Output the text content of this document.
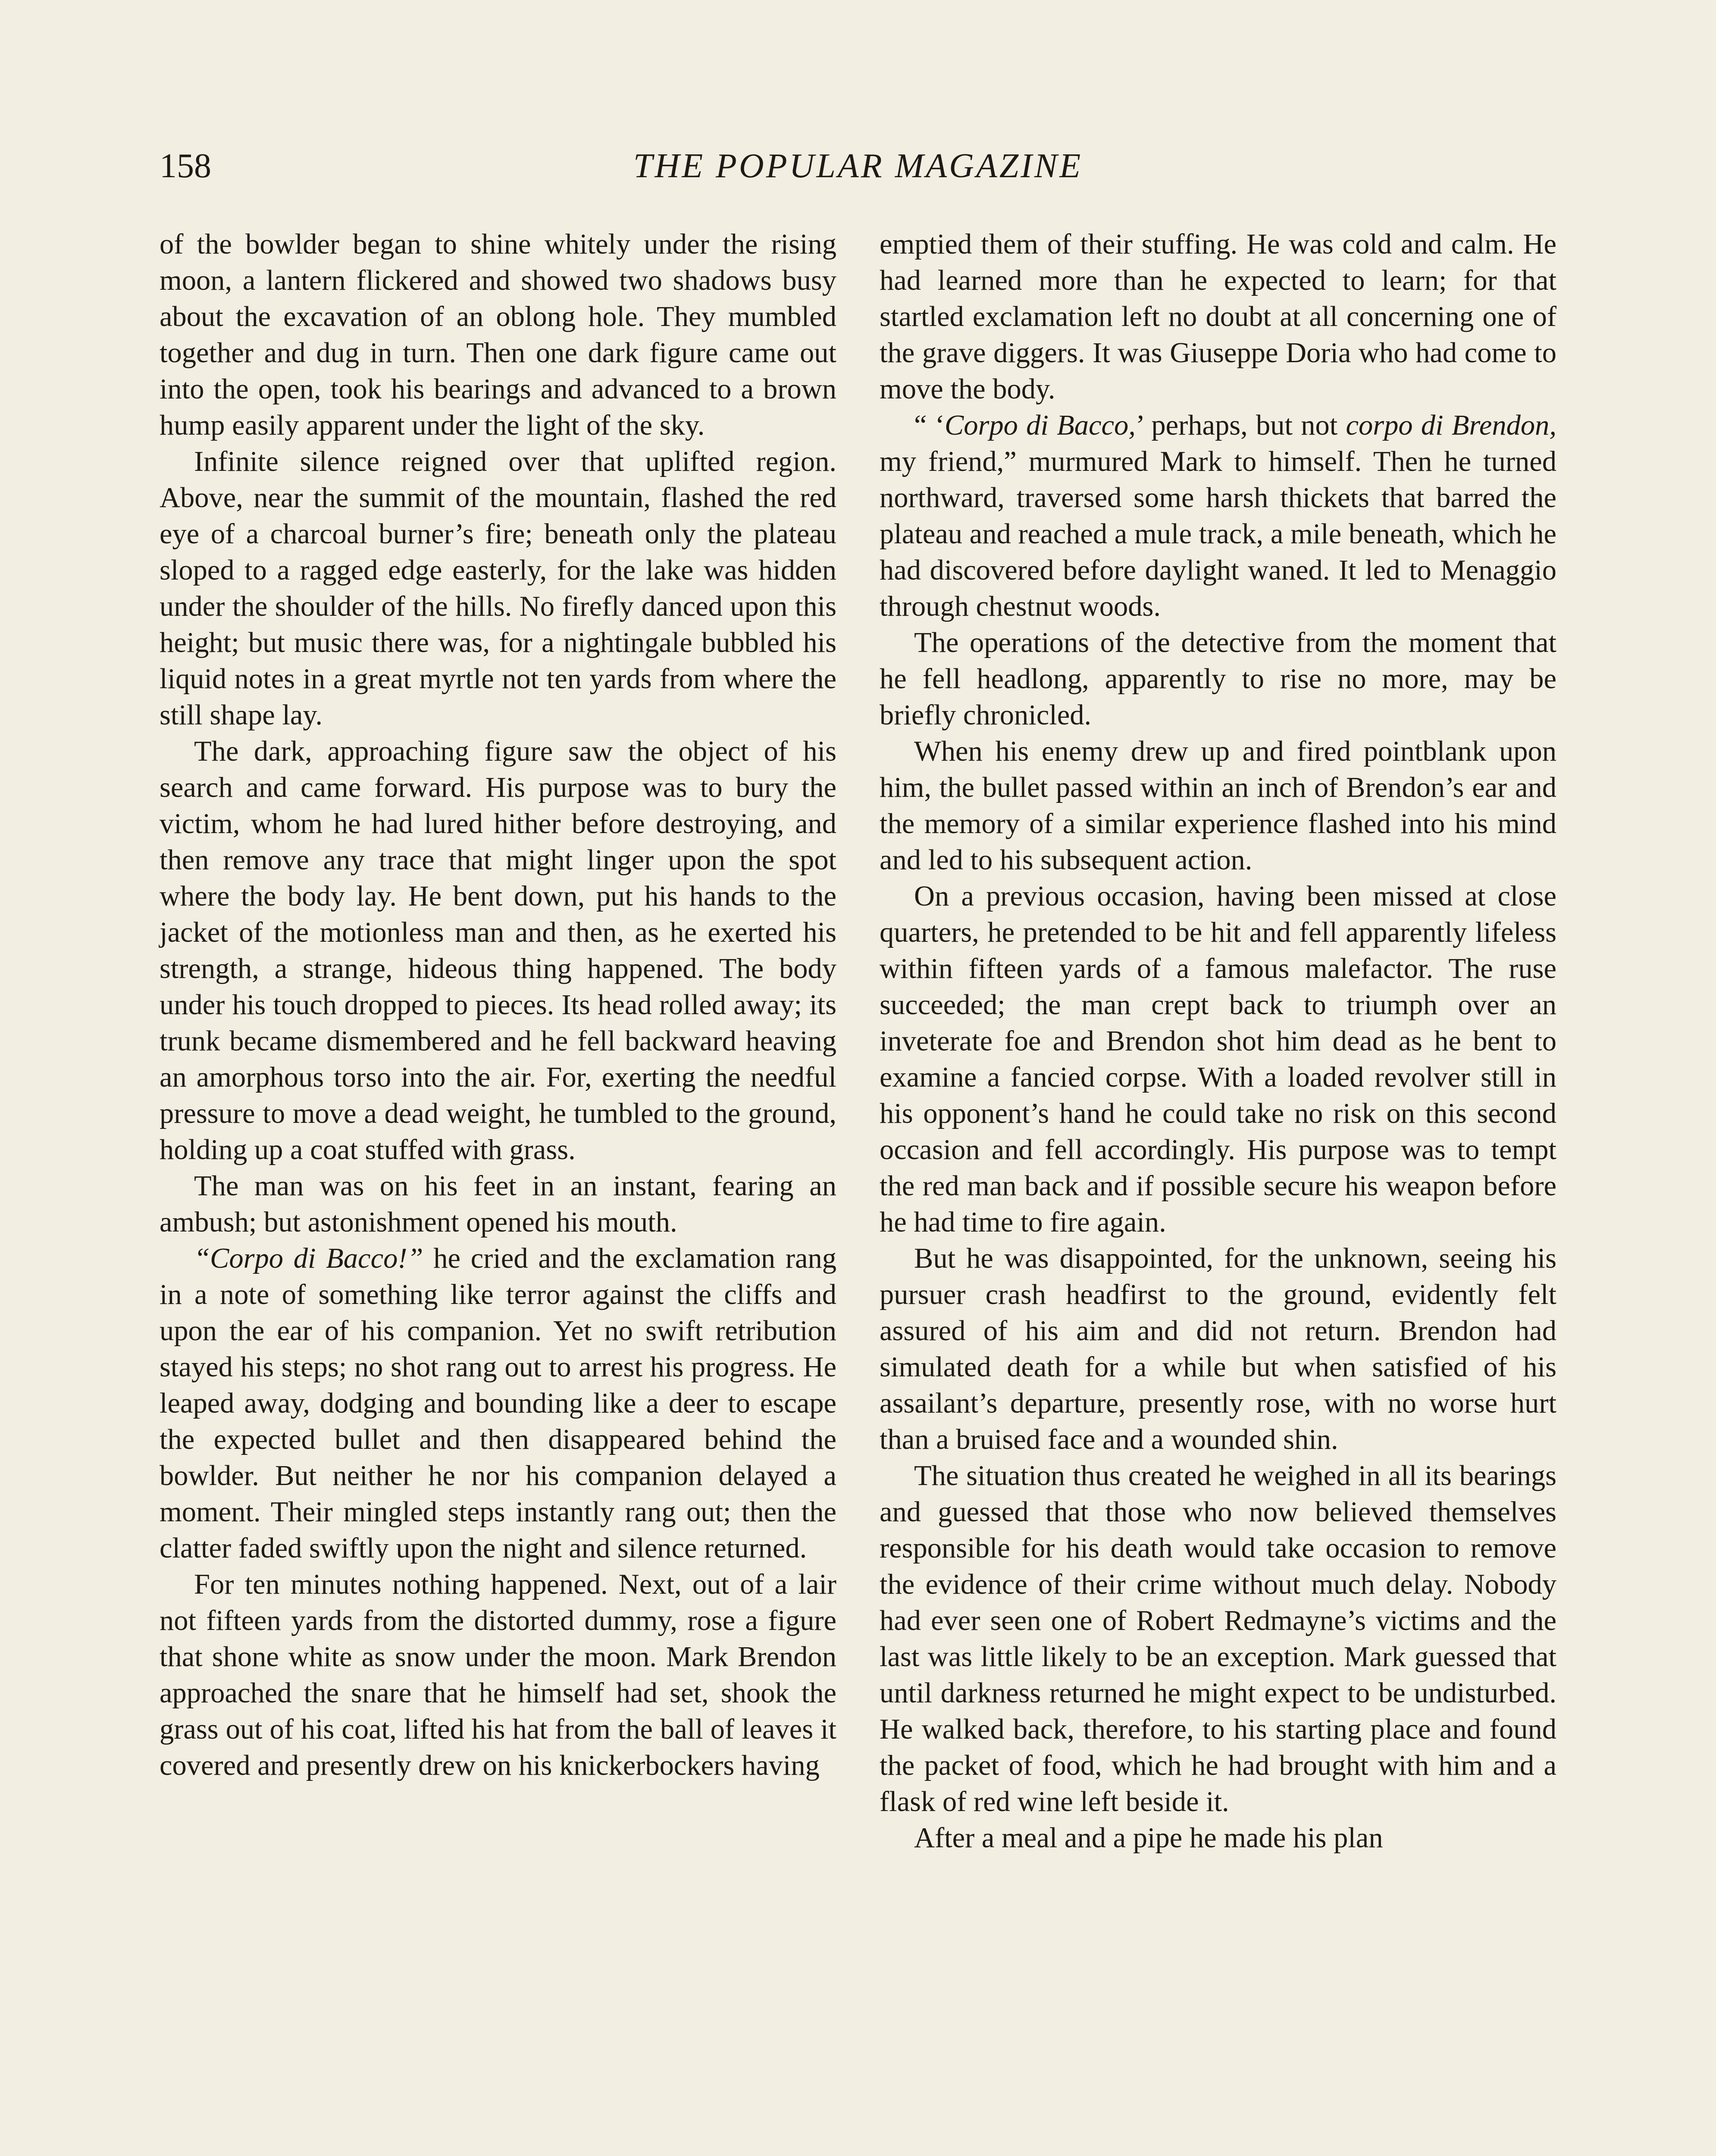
158	THE POPULAR MAGAZINE

of the bowlder began to shine whitely under the rising moon, a lantern flickered and showed two shadows busy about the excavation of an oblong hole. They mumbled together and dug in turn. Then one dark figure came out into the open, took his bearings and advanced to a brown hump easily apparent under the light of the sky.

Infinite silence reigned over that uplifted region. Above, near the summit of the mountain, flashed the red eye of a charcoal burner’s fire; beneath only the plateau sloped to a ragged edge easterly, for the lake was hidden under the shoulder of the hills. No firefly danced upon this height; but music there was, for a nightingale bubbled his liquid notes in a great myrtle not ten yards from where the still shape lay.

The dark, approaching figure saw the object of his search and came forward. His purpose was to bury the victim, whom he had lured hither before destroying, and then remove any trace that might linger upon the spot where the body lay. He bent down, put his hands to the jacket of the motionless man and then, as he exerted his strength, a strange, hideous thing happened. The body under his touch dropped to pieces. Its head rolled away; its trunk became dismembered and he fell backward heaving an amorphous torso into the air. For, exerting the needful pressure to move a dead weight, he tumbled to the ground, holding up a coat stuffed with grass.

The man was on his feet in an instant, fearing an ambush; but astonishment opened his mouth.

“Corpo di Bacco!” he cried and the exclamation rang in a note of something like terror against the cliffs and upon the ear of his companion. Yet no swift retribution stayed his steps; no shot rang out to arrest his progress. He leaped away, dodging and bounding like a deer to escape the expected bullet and then disappeared behind the bowlder. But neither he nor his companion delayed a moment. Their mingled steps instantly rang out; then the clatter faded swiftly upon the night and silence returned.

For ten minutes nothing happened. Next, out of a lair not fifteen yards from the distorted dummy, rose a figure that shone white as snow under the moon. Mark Brendon approached the snare that he himself had set, shook the grass out of his coat, lifted his hat from the ball of leaves it covered and presently drew on his knickerbockers having

emptied them of their stuffing. He was cold and calm. He had learned more than he expected to learn; for that startled exclamation left no doubt at all concerning one of the grave diggers. It was Giuseppe Doria who had come to move the body.

“ ‘Corpo di Bacco,’ perhaps, but not corpo di Brendon, my friend,” murmured Mark to himself. Then he turned northward, traversed some harsh thickets that barred the plateau and reached a mule track, a mile beneath, which he had discovered before daylight waned. It led to Menaggio through chestnut woods.

The operations of the detective from the moment that he fell headlong, apparently to rise no more, may be briefly chronicled.

When his enemy drew up and fired pointblank upon him, the bullet passed within an inch of Brendon’s ear and the memory of a similar experience flashed into his mind and led to his subsequent action.

On a previous occasion, having been missed at close quarters, he pretended to be hit and fell apparently lifeless within fifteen yards of a famous malefactor. The ruse succeeded; the man crept back to triumph over an inveterate foe and Brendon shot him dead as he bent to examine a fancied corpse. With a loaded revolver still in his opponent’s hand he could take no risk on this second occasion and fell accordingly. His purpose was to tempt the red man back and if possible secure his weapon before he had time to fire again.

But he was disappointed, for the unknown, seeing his pursuer crash headfirst to the ground, evidently felt assured of his aim and did not return. Brendon had simulated death for a while but when satisfied of his assailant’s departure, presently rose, with no worse hurt than a bruised face and a wounded shin.

The situation thus created he weighed in all its bearings and guessed that those who now believed themselves responsible for his death would take occasion to remove the evidence of their crime without much delay. Nobody had ever seen one of Robert Redmayne’s victims and the last was little likely to be an exception. Mark guessed that until darkness returned he might expect to be undisturbed. He walked back, therefore, to his starting place and found the packet of food, which he had brought with him and a flask of red wine left beside it.

After a meal and a pipe he made his plan
